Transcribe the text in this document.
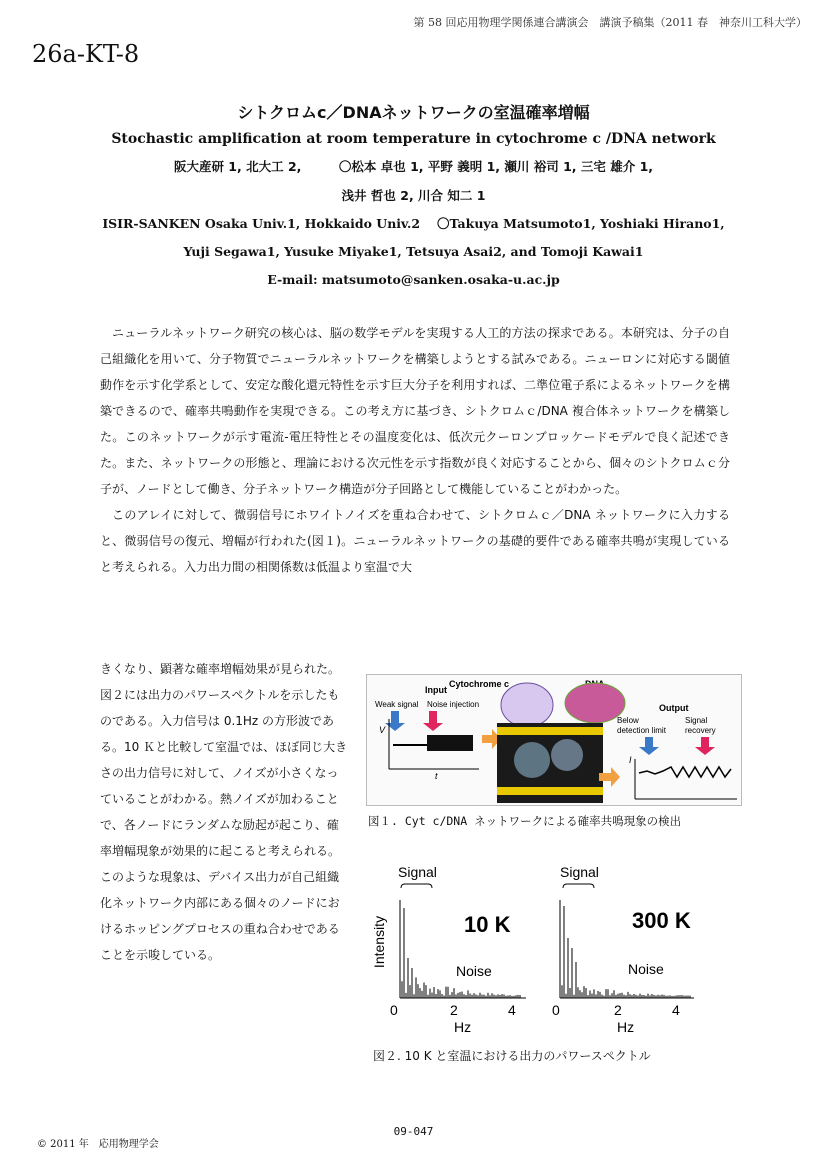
第 58 回応用物理学関係連合講演会　講演予稿集（2011 春　神奈川工科大学）
26a-KT-8
シトクロムc／DNAネットワークの室温確率増幅
Stochastic amplification at room temperature in cytochrome c /DNA network
阪大産研 1, 北大工 2,　　　〇松本 卓也 1, 平野 義明 1, 瀬川 裕司 1, 三宅 雄介 1,
浅井 哲也 2, 川合 知二 1
ISIR-SANKEN Osaka Univ.1, Hokkaido Univ.2　 〇Takuya Matsumoto1, Yoshiaki Hirano1,
Yuji Segawa1, Yusuke Miyake1, Tetsuya Asai2, and Tomoji Kawai1
E-mail: matsumoto@sanken.osaka-u.ac.jp

ニューラルネットワーク研究の核心は、脳の数学モデルを実現する人工的方法の探求である。本研究は、分子の自己組織化を用いて、分子物質でニューラルネットワークを構築しようとする試みである。ニューロンに対応する閾値動作を示す化学系として、安定な酸化還元特性を示す巨大分子を利用すれば、二準位電子系によるネットワークを構築できるので、確率共鳴動作を実現できる。この考え方に基づき、シトクロムｃ/DNA 複合体ネットワークを構築した。このネットワークが示す電流-電圧特性とその温度変化は、低次元クーロンブロッケードモデルで良く記述できた。また、ネットワークの形態と、理論における次元性を示す指数が良く対応することから、個々のシトクロムｃ分子が、ノードとして働き、分子ネットワーク構造が分子回路として機能していることがわかった。

このアレイに対して、微弱信号にホワイトノイズを重ね合わせて、シトクロムｃ／DNA ネットワークに入力すると、微弱信号の復元、増幅が行われた(図１)。ニューラルネットワークの基礎的要件である確率共鳴が実現していると考えられる。入力出力間の相関係数は低温より室温で大

きくなり、顕著な確率増幅効果が見られた。図２には出力のパワースペクトルを示したものである。入力信号は 0.1Hz の方形波である。10 Ｋと比較して室温では、ほぼ同じ大きさの出力信号に対して、ノイズが小さくなっていることがわかる。熱ノイズが加わることで、各ノードにランダムな励起が起こり、確率増幅現象が効果的に起こると考えられる。このような現象は、デバイス出力が自己組織化ネットワーク内部にある個々のノードにおけるホッピングプロセスの重ね合わせであることを示唆している。
Cytochrome c
Input
Weak signal Noise injection
V
t
Output
Below
detection limit
Signal
recovery
I
図１. Cyt c/DNA ネットワークによる確率共鳴現象の検出
Intensity
Signal
10 K
Noise
0	2	4
Hz
Signal
300 K
Noise
0	2	4
Hz
図２. 10 K と室温における出力のパワースペクトル
09-047
© 2011 年　応用物理学会
